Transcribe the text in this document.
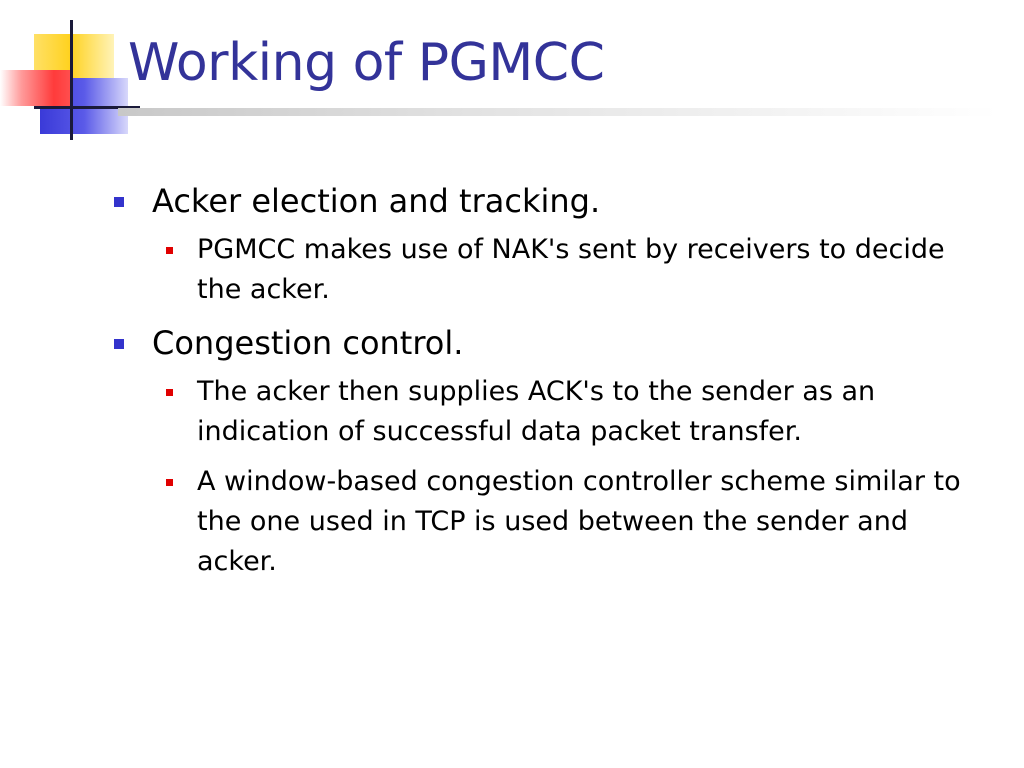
Working of PGMCC
Acker election and tracking.
PGMCC makes use of NAK's sent by receivers to decide the acker.
Congestion control.
The acker then supplies ACK's to the sender as an indication of successful data packet transfer.
A window-based congestion controller scheme similar to the one used in TCP is used between the sender and acker.
